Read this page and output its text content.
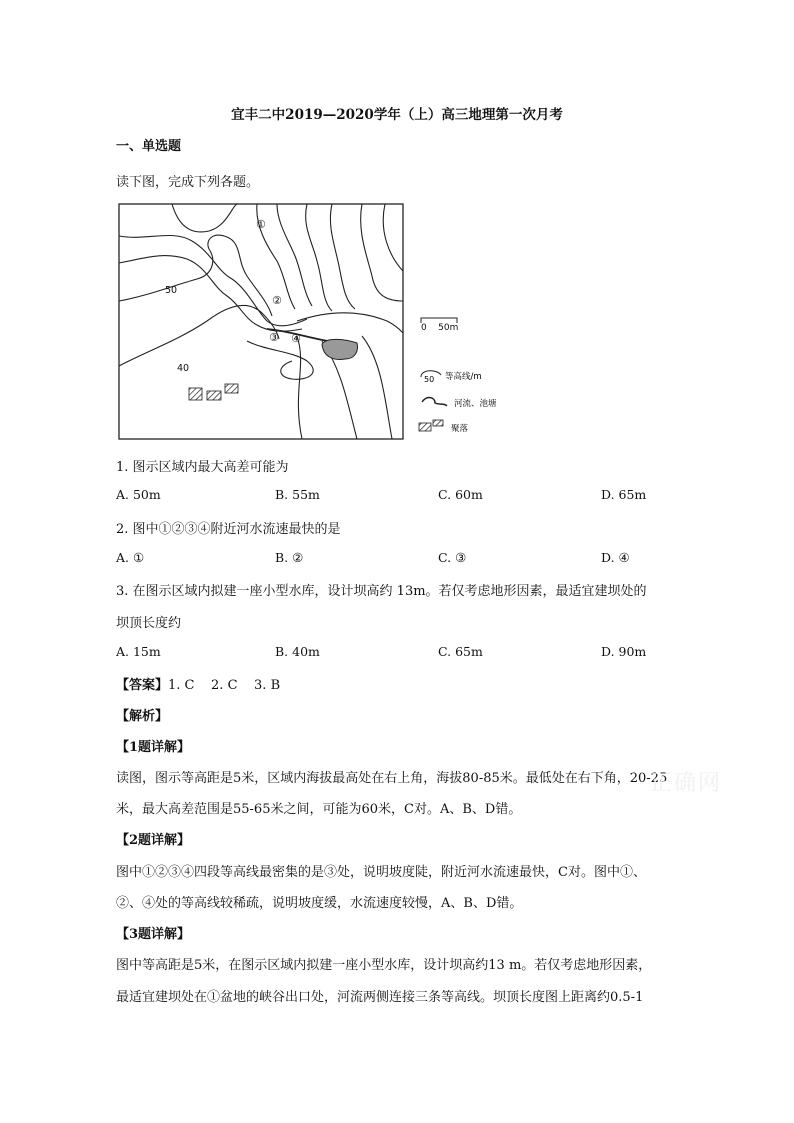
宜丰二中2019—2020学年（上）高三地理第一次月考
一、单选题
读下图，完成下列各题。
50
40
①
②
③ ④
0    50m
50 等高线/m
河流、池塘
聚落
1. 图示区域内最大高差可能为
A. 50m	B. 55m	C. 60m	D. 65m
2. 图中①②③④附近河水流速最快的是
A. ①	B. ②	C. ③	D. ④
3. 在图示区域内拟建一座小型水库，设计坝高约 13m。若仅考虑地形因素，最适宜建坝处的
坝顶长度约
A. 15m	B. 40m	C. 65m	D. 90m
【答案】1. C    2. C    3. B
【解析】
【1题详解】
读图，图示等高距是5米，区域内海拔最高处在右上角，海拔80-85米。最低处在右下角，20-25
米，最大高差范围是55-65米之间，可能为60米，C对。A、B、D错。
【2题详解】
图中①②③④四段等高线最密集的是③处，说明坡度陡，附近河水流速最快，C对。图中①、
②、④处的等高线较稀疏，说明坡度缓，水流速度较慢，A、B、D错。
【3题详解】
图中等高距是5米，在图示区域内拟建一座小型水库，设计坝高约13 m。若仅考虑地形因素，
最适宜建坝处在①盆地的峡谷出口处，河流两侧连接三条等高线。坝顶长度图上距离约0.5-1
正确网
